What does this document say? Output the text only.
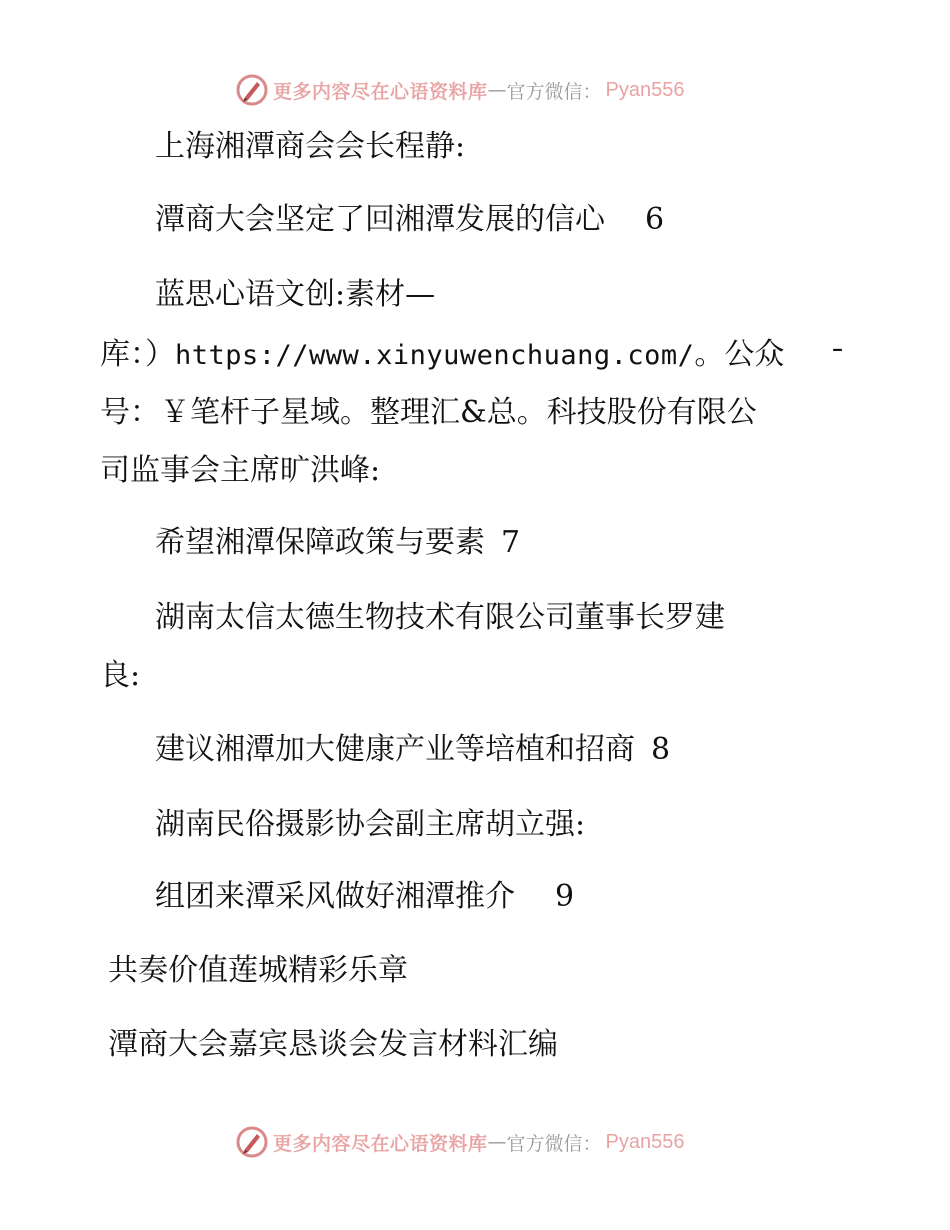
更多内容尽在心语资料库 — 官方微信： Pyan556
上海湘潭商会会长程静:
潭商大会坚定了回湘潭发展的信心 6
蓝思心语文创:素材—
库：）https://www.xinyuwenchuang.com/。公众 ¯
号：￥笔杆子星域。整理汇&总。科技股份有限公
司监事会主席旷洪峰:
希望湘潭保障政策与要素 7
湖南太信太德生物技术有限公司董事长罗建
良:
建议湘潭加大健康产业等培植和招商 8
湖南民俗摄影协会副主席胡立强:
组团来潭采风做好湘潭推介 9
共奏价值莲城精彩乐章
潭商大会嘉宾恳谈会发言材料汇编
更多内容尽在心语资料库 — 官方微信： Pyan556
